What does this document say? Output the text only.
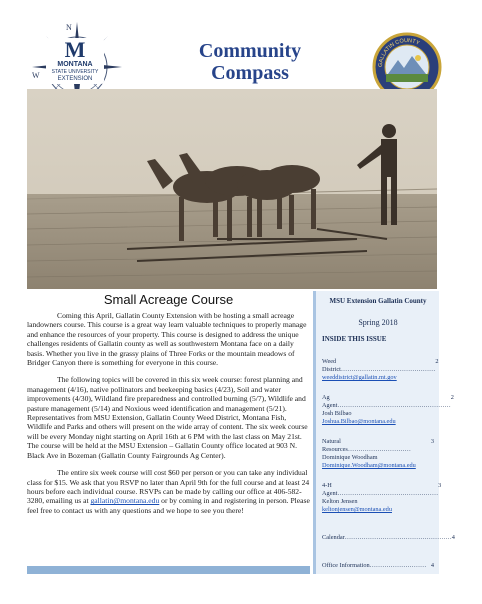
N
W
M
MONTANA
STATE UNIVERSITY
EXTENSION
Community
Compass	GALLATIN COUNTY
Small Acreage Course

Coming this April, Gallatin County Extension with be hosting a small acreage landowners course. This course is a great way learn valuable techniques to properly manage and enhance the resources of your property. This course is designed to address the unique challenges residents of Gallatin county as well as southwestern Montana face on a daily basis. Whether you live in the grassy plains of Three Forks or the mountain meadows of Bridger Canyon there is something for everyone in this course.

The following topics will be covered in this six week course: forest planning and management (4/16), native pollinators and beekeeping basics (4/23), Soil and water improvements (4/30), Wildland fire preparedness and controlled burning (5/7), Wildlife and pasture management (5/14) and Noxious weed identification and management (5/21). Representatives from MSU Extension, Gallatin County Weed District, Montana Fish, Wildlife and Parks and others will present on the wide array of content. The six week course will be every Monday night starting on April 16th at 6 PM with the last class on May 21st. The course will be held at the MSU Extension – Gallatin County office located at 903 N. Black Ave in Bozeman (Gallatin County Fairgrounds Ag Center).

The entire six week course will cost $60 per person or you can take any individual class for $15. We ask that you RSVP no later than April 9th for the full course and at least 24 hours before each individual course. RSVPs can be made by calling our office at 406-582-3280, emailing us at gallatin@montana.edu or by coming in and registering in person. Please feel free to contact us with any questions and we hope to see you there!

MSU Extension Gallatin County
Spring 2018
INSIDE THIS ISSUE
Weed District………………………………………
2
weeddistrict@gallatin.mt.gov
Ag Agent………………………………………………
2
Josh Bilbao
Joshua.Bilbao@montana.edu
Natural Resources…………………………
3
Dominique Woodham
Dominique.Woodham@montana.edu
4-H Agent…………………………………………
3
Kelton Jensen
keltonjensen@montana.edu
Calendar…………………………………………… 4
Office Information……………………… 4
